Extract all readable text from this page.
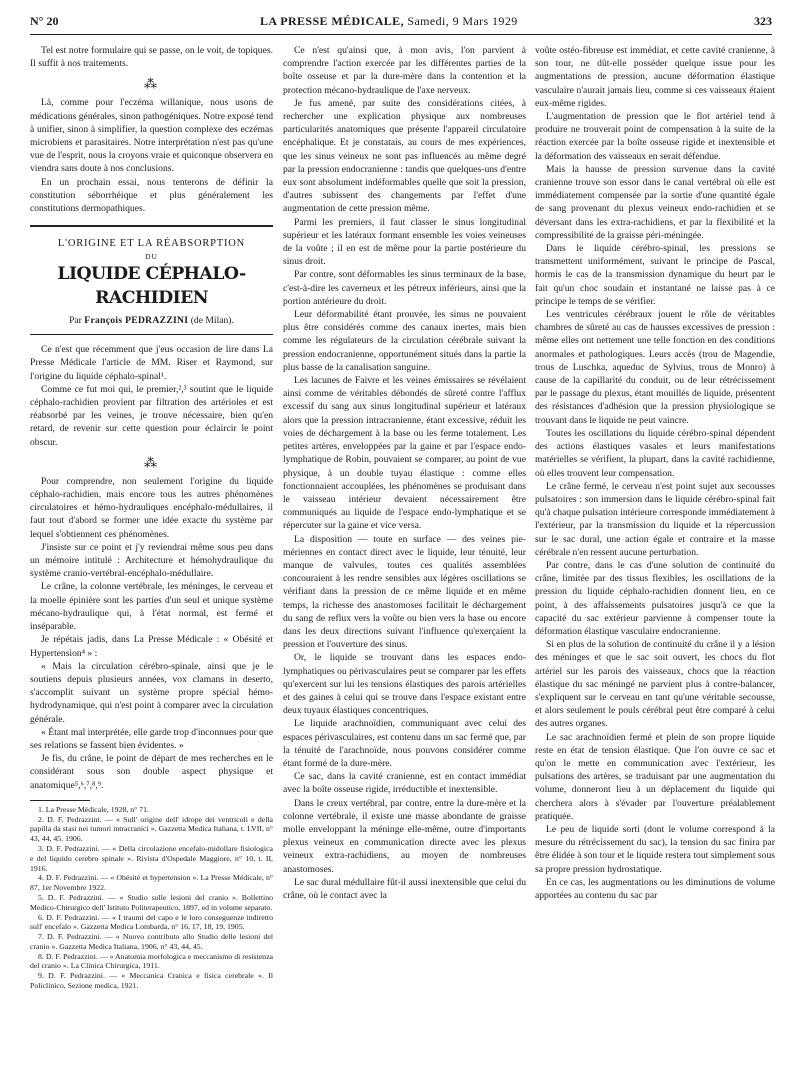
N° 20	LA PRESSE MÉDICALE, Samedi, 9 Mars 1929	323

Tel est notre formulaire qui se passe, on le voit, de topiques. Il suffit à nos traitements.

⁂

Là, comme pour l'eczéma willanique, nous usons de médications générales, sinon pathogéniques. Notre exposé tend à unifier, sinon à simplifier, la question complexe des eczémas microbiens et parasitaires. Notre interprétation n'est pas qu'une vue de l'esprit, nous la croyons vraie et quiconque observera en viendra sans doute à nos conclusions.

En un prochain essai, nous tenterons de définir la constitution séborrhéique et plus généralement les constitutions dermopathiques.

L'ORIGINE ET LA RÉABSORPTION
DU
LIQUIDE CÉPHALO-RACHIDIEN
Par François PEDRAZZINI (de Milan).

Ce n'est que récemment que j'eus occasion de lire dans La Presse Médicale l'article de MM. Riser et Raymond, sur l'origine du liquide céphalo-spinal¹.

Comme ce fut moi qui, le premier,²,³ soutint que le liquide céphalo-rachidien provient par filtration des artérioles et est réabsorbé par les veines, je trouve nécessaire, bien qu'en retard, de revenir sur cette question pour éclaircir le point obscur.

⁂

Pour comprendre, non seulement l'origine du liquide céphalo-rachidien, mais encore tous les autres phénomènes circulatoires et hémo-hydrauliques encéphalo-médullaires, il faut tout d'abord se former une idée exacte du système par lequel s'obtiennent ces phénomènes.

J'insiste sur ce point et j'y reviendrai même sous peu dans un mémoire intitulé : Architecture et hémohydraulique du système cranio-vertébral-encéphalo-médullaire.

Le crâne, la colonne vertébrale, les méninges, le cerveau et la moelle épinière sont les parties d'un seul et unique système mécano-hydraulique qui, à l'état normal, est fermé et inséparable.

Je répétais jadis, dans La Presse Médicale : « Obésité et Hypertension⁴ » :

« Mais la circulation cérébro-spinale, ainsi que je le soutiens depuis plusieurs années, vox clamans in deserto, s'accomplit suivant un système propre spécial hémo-hydrodynamique, qui n'est point à comparer avec la circulation générale.

« Étant mal interprétée, elle garde trop d'inconnues pour que ses relations se fassent bien évidentes. »

Je fis, du crâne, le point de départ de mes recherches en le considérant sous son double aspect physique et anatomique⁵,⁶,⁷,⁸,⁹.

1. La Presse Médicale, 1928, n° 71.

2. D. F. Pedrazzini. — « Sull' origine dell' idrope dei ventricoli e della papilla da stasi nei tumori intracranici ». Gazzetta Medica Italiana, t. LVII, n° 43, 44, 45. 1906.

3. D. F. Pedrazzini. — « Della circolazione encefalo-midollare fisiologica e del liquido cerebro spinale ». Rivista d'Ospedale Maggiore, n° 10, t. II, 1916.

4. D. F. Pedrazzini. — « Obésité et hypertension ». La Presse Médicale, n° 87, 1er Novembre 1922.

5. D. F. Pedrazzini. — « Studio sulle lesioni del cranio ». Bollettino Medico-Chirurgico dell' Istituto Politerapeutico, 1897, ed in volume separato.

6. D. F. Pedrazzini. — « I traumi del capo e le loro conseguenze indiretto sull' encefalo ». Gazzetta Medica Lombarda, n° 16, 17, 18, 19, 1905.

7. D. F. Pedrazzini. — « Nuovo contributo allo Studio delle lesioni del cranio ». Gazzetta Medica Italiana, 1906, n° 43, 44, 45.

8. D. F. Pedrazzini. — « Anatomia morfologica e meccanismo di resistenza del cranio ». La Clinica Chirurgica, 1911.

9. D. F. Pedrazzini. — « Meccanica Cranica e fisica cerebrale ». Il Policlinico, Sezione medica, 1921.

Ce n'est qu'ainsi que, à mon avis, l'on parvient à comprendre l'action exercée par les différentes parties de la boîte osseuse et par la dure-mère dans la contention et la protection mécano-hydraulique de l'axe nerveux.

Je fus amené, par suite des considérations citées, à rechercher une explication physique aux nombreuses particularités anatomiques que présente l'appareil circulatoire encéphalique. Et je constatais, au cours de mes expériences, que les sinus veineux ne sont pas influencés au même degré par la pression endocranienne : tandis que quelques-uns d'entre eux sont absolument indéformables quelle que soit la pression, d'autres subissent des changements par l'effet d'une augmentation de cette pression même.

Parmi les premiers, il faut classer le sinus longitudinal supérieur et les latéraux formant ensemble les voies veineuses de la voûte ; il en est de même pour la partie postérieure du sinus droit.

Par contre, sont déformables les sinus terminaux de la base, c'est-à-dire les caverneux et les pétreux inférieurs, ainsi que la portion antérieure du droit.

Leur déformabilité étant prouvée, les sinus ne pouvaient plus être considérés comme des canaux inertes, mais bien comme les régulateurs de la circulation cérébrale suivant la pression endocranienne, opportunément situés dans la partie la plus basse de la canalisation sanguine.

Les lacunes de Faivre et les veines émissaires se révélaient ainsi comme de véritables débondés de sûreté contre l'afflux excessif du sang aux sinus longitudinal supérieur et latéraux alors que la pression intracranienne, étant excessive, réduit les voies de déchargement à la base ou les ferme totalement. Les petites artères, enveloppées par la gaine et par l'espace endo-lymphatique de Robin, pouvaient se comparer, au point de vue physique, à un double tuyau élastique : comme elles fonctionnaient accouplées, les phénomènes se produisant dans le vaisseau intérieur devaient nécessairement être communiqués au liquide de l'espace endo-lymphatique et se répercuter sur la gaine et vice versa.

La disposition — toute en surface — des veines pie-mériennes en contact direct avec le liquide, leur ténuité, leur manque de valvules, toutes ces qualités assemblées concouraient à les rendre sensibles aux légères oscillations se vérifiant dans la pression de ce même liquide et en même temps, la richesse des anastomoses facilitait le déchargement du sang de reflux vers la voûte ou bien vers la base ou encore dans les deux directions suivant l'influence qu'exerçaient la pression et l'ouverture des sinus.

Or, le liquide se trouvant dans les espaces endo-lymphatiques ou périvasculaires peut se comparer par les effets qu'exercent sur lui les tensions élastiques des parois artérielles et des gaines à celui qui se trouve dans l'espace existant entre deux tuyaux élastiques concentriques.

Le liquide arachnoïdien, communiquant avec celui des espaces périvasculaires, est contenu dans un sac fermé que, par la ténuité de l'arachnoïde, nous pouvons considérer comme étant formé de la dure-mère.

Ce sac, dans la cavité cranienne, est en contact immédiat avec la boîte osseuse rigide, irréductible et inextensible.

Dans le creux vertébral, par contre, entre la dure-mère et la colonne vertébrale, il existe une masse abondante de graisse molle enveloppant la méninge elle-même, outre d'importants plexus veineux en communication directe avec les plexus veineux extra-rachidiens, au moyen de nombreuses anastomoses.

Le sac dural médullaire fût-il aussi inextensible que celui du crâne, où le contact avec la

voûte ostéo-fibreuse est immédiat, et cette cavité cranienne, à son tour, ne dût-elle posséder quelque issue pour les augmentations de pression, aucune déformation élastique vasculaire n'aurait jamais lieu, comme si ces vaisseaux étaient eux-même rigides.

L'augmentation de pression que le flot artériel tend à produire ne trouverait point de compensation à la suite de la réaction exercée par la boîte osseuse rigide et inextensible et la déformation des vaisseaux en serait défendue.

Mais la hausse de pression survenue dans la cavité cranienne trouve son essor dans le canal vertébral où elle est immédiatement compensée par la sortie d'une quantité égale de sang provenant du plexus veineux endo-rachidien et se déversant dans les extra-rachidiens, et par la flexibilité et la compressibilité de la graisse péri-méningée.

Dans le liquide cérébro-spinal, les pressions se transmettent uniformément, suivant le principe de Pascal, hormis le cas de la transmission dynamique du heurt par le fait qu'un choc soudain et instantané ne laisse pas à ce principe le temps de se vérifier.

Les ventricules cérébraux jouent le rôle de véritables chambres de sûreté au cas de hausses excessives de pression : même elles ont nettement une telle fonction en des conditions anormales et pathologiques. Leurs accès (trou de Magendie, trous de Luschka, aqueduc de Sylvius, trous de Monro) à cause de la capillarité du conduit, ou de leur rétrécissement par le passage du plexus, étant mouillés de liquide, présentent des résistances d'adhésion que la pression physiologique se trouvant dans le liquide ne peut vaincre.

Toutes les oscillations du liquide cérébro-spinal dépendent des actions élastiques vasales et leurs manifestations matérielles se vérifient, la plupart, dans la cavité rachidienne, où elles trouvent leur compensation.

Le crâne fermé, le cerveau n'est point sujet aux secousses pulsatoires : son immersion dans le liquide cérébro-spinal fait qu'à chaque pulsation intérieure corresponde immédiatement à l'extérieur, par la transmission du liquide et la répercussion sur le sac dural, une action égale et contraire et la masse cérébrale n'en ressent aucune perturbation.

Par contre, dans le cas d'une solution de continuité du crâne, limitée par des tissus flexibles, les oscillations de la pression du liquide céphalo-rachidien donnent lieu, en ce point, à des affaissements pulsatoires jusqu'à ce que la capacité du sac extérieur parvienne à compenser toute la déformation élastique vasculaire endocranienne.

Si en plus de la solution de continuité du crâne il y a lésion des méninges et que le sac soit ouvert, les chocs du flot artériel sur les parois des vaisseaux, chocs que la réaction élastique du sac méningé ne parvient plus à contre-balancer, s'expliquent sur le cerveau en tant qu'une véritable secousse, et alors seulement le pouls cérébral peut être comparé à celui des autres organes.

Le sac arachnoïdien fermé et plein de son propre liquide reste en état de tension élastique. Que l'on ouvre ce sac et qu'on le mette en communication avec l'extérieur, les pulsations des artères, se traduisant par une augmentation du volume, donneront lieu à un déplacement du liquide qui cherchera alors à s'évader par l'ouverture préalablement pratiquée.

Le peu de liquide sorti (dont le volume correspond à la mesure du rétrécissement du sac), la tension du sac finira par être élidée à son tour et le liquide restera tout simplement sous sa propre pression hydrostatique.

En ce cas, les augmentations ou les diminutions de volume apportées au contenu du sac par
